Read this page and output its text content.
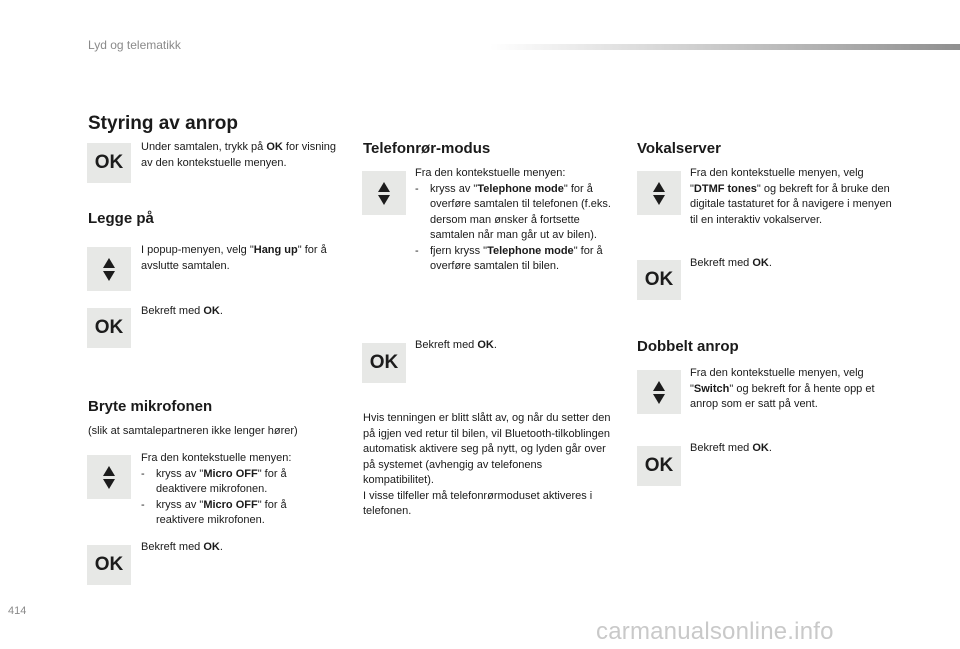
Lyd og telematikk
Styring av anrop
OK
Under samtalen, trykk på OK for visning av den kontekstuelle menyen.
Legge på
I popup-menyen, velg "Hang up" for å avslutte samtalen.
OK
Bekreft med OK.
Bryte mikrofonen
(slik at samtalepartneren ikke lenger hører)
Fra den kontekstuelle menyen:
-	kryss av "Micro OFF" for å deaktivere mikrofonen.
-	kryss av "Micro OFF" for å reaktivere mikrofonen.
OK
Bekreft med OK.
Telefonrør-modus
Fra den kontekstuelle menyen:
-	kryss av "Telephone mode" for å overføre samtalen til telefonen (f.eks. dersom man ønsker å fortsette samtalen når man går ut av bilen).
-	fjern kryss "Telephone mode" for å overføre samtalen til bilen.
OK
Bekreft med OK.
Hvis tenningen er blitt slått av, og når du setter den på igjen ved retur til bilen, vil Bluetooth-tilkoblingen automatisk aktivere seg på nytt, og lyden går over på systemet (avhengig av telefonens kompatibilitet).
I visse tilfeller må telefonrørmoduset aktiveres i telefonen.
Vokalserver
Fra den kontekstuelle menyen, velg "DTMF tones" og bekreft for å bruke den digitale tastaturet for å navigere i menyen til en interaktiv vokalserver.
OK
Bekreft med OK.
Dobbelt anrop
Fra den kontekstuelle menyen, velg "Switch" og bekreft for å hente opp et anrop som er satt på vent.
OK
Bekreft med OK.
414
carmanualsonline.info
